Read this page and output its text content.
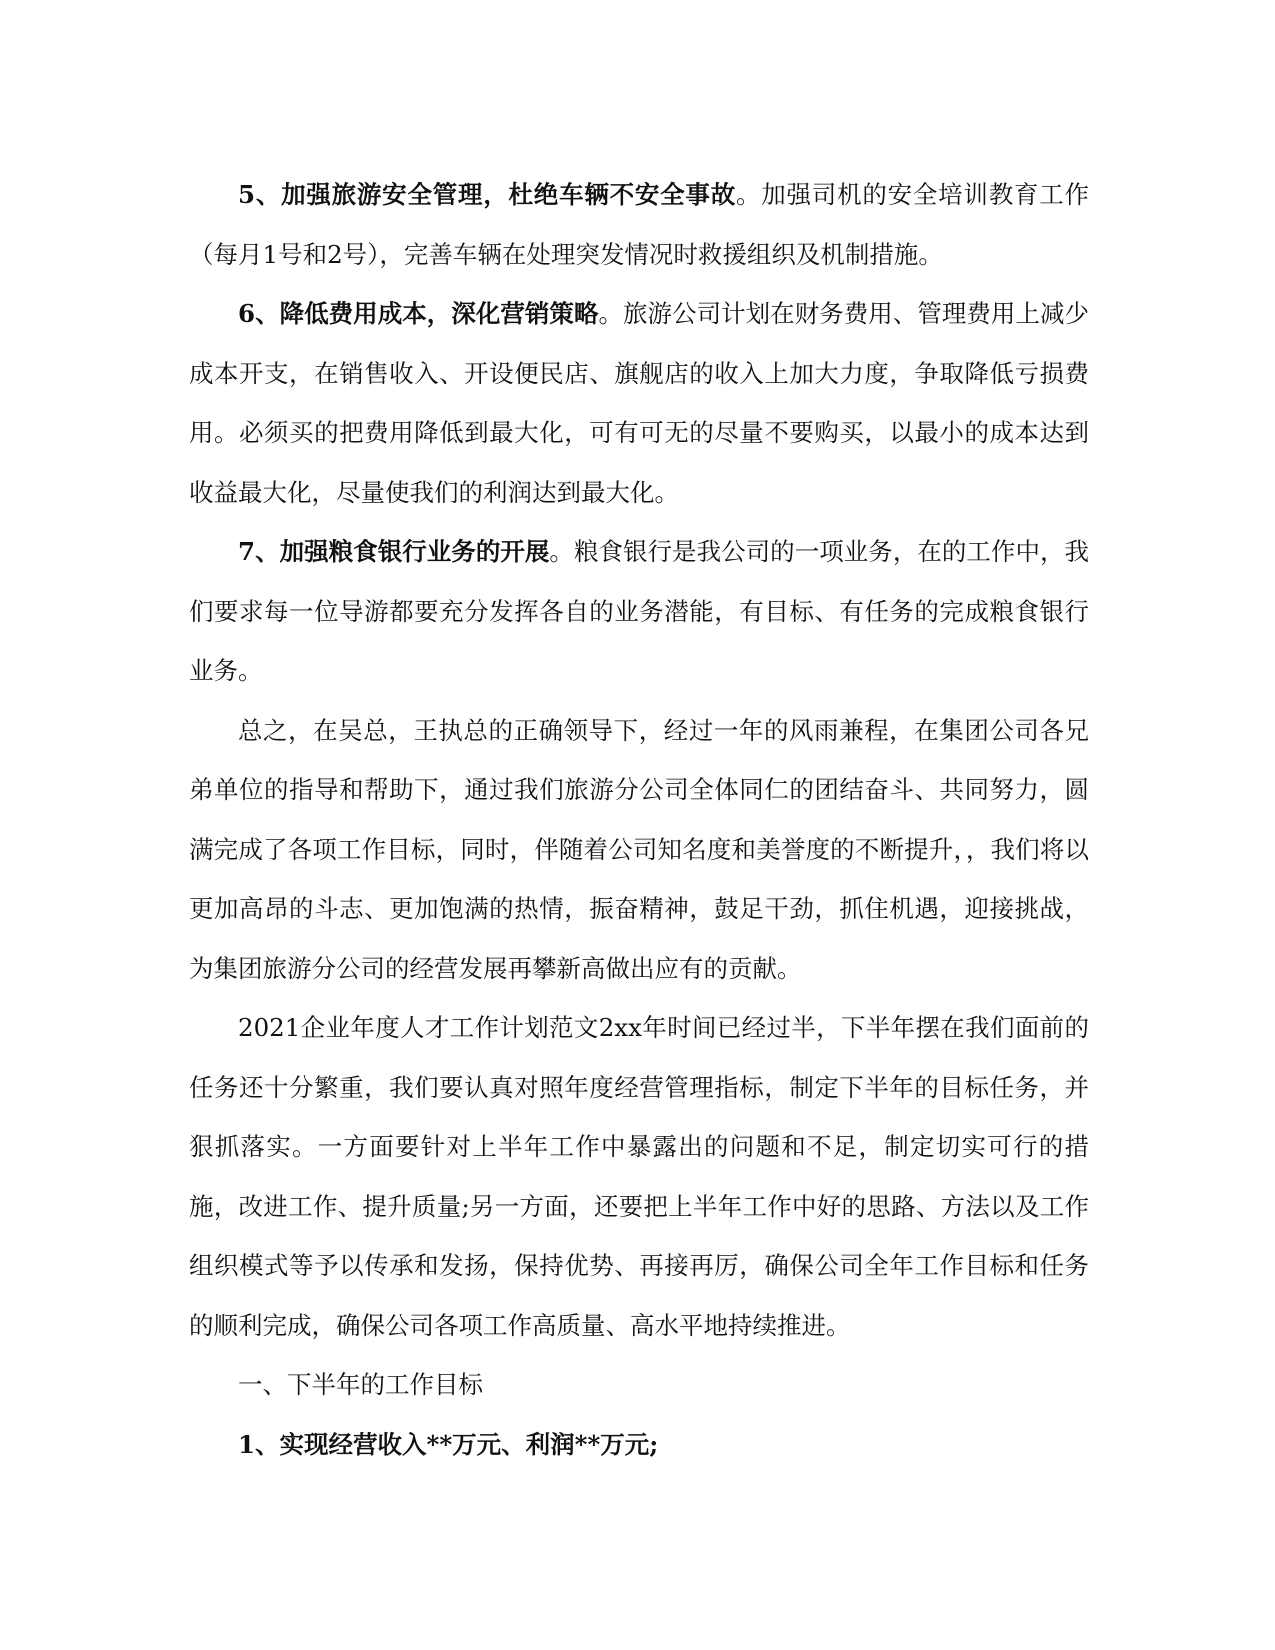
5、加强旅游安全管理，杜绝车辆不安全事故。加强司机的安全培训教育工作（每月1号和2号），完善车辆在处理突发情况时救援组织及机制措施。

6、降低费用成本，深化营销策略。旅游公司计划在财务费用、管理费用上减少成本开支，在销售收入、开设便民店、旗舰店的收入上加大力度，争取降低亏损费用。必须买的把费用降低到最大化，可有可无的尽量不要购买，以最小的成本达到收益最大化，尽量使我们的利润达到最大化。

7、加强粮食银行业务的开展。粮食银行是我公司的一项业务，在的工作中，我们要求每一位导游都要充分发挥各自的业务潜能，有目标、有任务的完成粮食银行业务。

总之，在吴总，王执总的正确领导下，经过一年的风雨兼程，在集团公司各兄弟单位的指导和帮助下，通过我们旅游分公司全体同仁的团结奋斗、共同努力，圆满完成了各项工作目标，同时，伴随着公司知名度和美誉度的不断提升，，我们将以更加高昂的斗志、更加饱满的热情，振奋精神，鼓足干劲，抓住机遇，迎接挑战，为集团旅游分公司的经营发展再攀新高做出应有的贡献。

2021企业年度人才工作计划范文2xx年时间已经过半，下半年摆在我们面前的任务还十分繁重，我们要认真对照年度经营管理指标，制定下半年的目标任务，并狠抓落实。一方面要针对上半年工作中暴露出的问题和不足，制定切实可行的措施，改进工作、提升质量;另一方面，还要把上半年工作中好的思路、方法以及工作组织模式等予以传承和发扬，保持优势、再接再厉，确保公司全年工作目标和任务的顺利完成，确保公司各项工作高质量、高水平地持续推进。

一、下半年的工作目标

1、实现经营收入**万元、利润**万元;
